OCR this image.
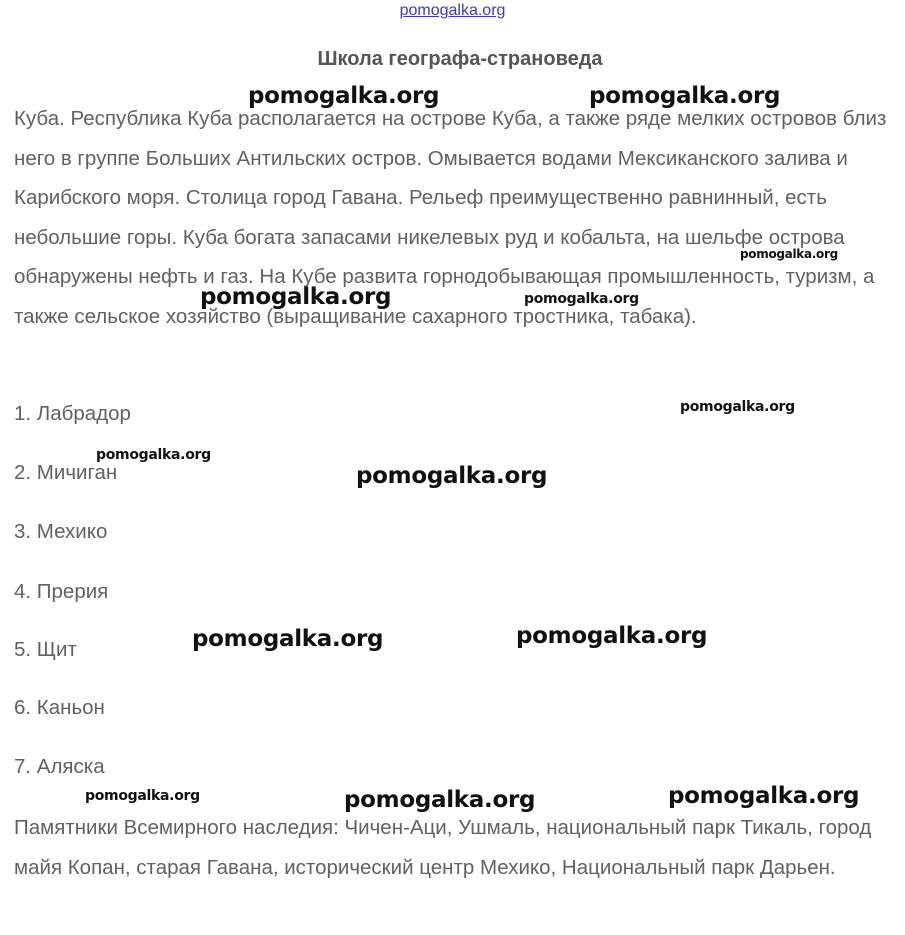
pomogalka.org
Школа географа-страноведа

Куба. Республика Куба располагается на острове Куба, а также ряде мелких островов близ него в группе Больших Антильских остров. Омывается водами Мексиканского залива и Карибского моря. Столица город Гавана. Рельеф преимущественно равнинный, есть небольшие горы. Куба богата запасами никелевых руд и кобальта, на шельфе острова обнаружены нефть и газ. На Кубе развита горнодобывающая промышленность, туризм, а также сельское хозяйство (выращивание сахарного тростника, табака).

1. Лабрадор

2. Мичиган

3. Мехико

4. Прерия

5. Щит

6. Каньон

7. Аляска

Памятники Всемирного наследия: Чичен-Аци, Ушмаль, национальный парк Тикаль, город майя Копан, старая Гавана, исторический центр Мехико, Национальный парк Дарьен.

pomogalka.org	pomogalka.org
pomogalka.org
pomogalka.org	pomogalka.org
pomogalka.org
pomogalka.org
pomogalka.org
pomogalka.org	pomogalka.org
pomogalka.org	pomogalka.org	pomogalka.org
